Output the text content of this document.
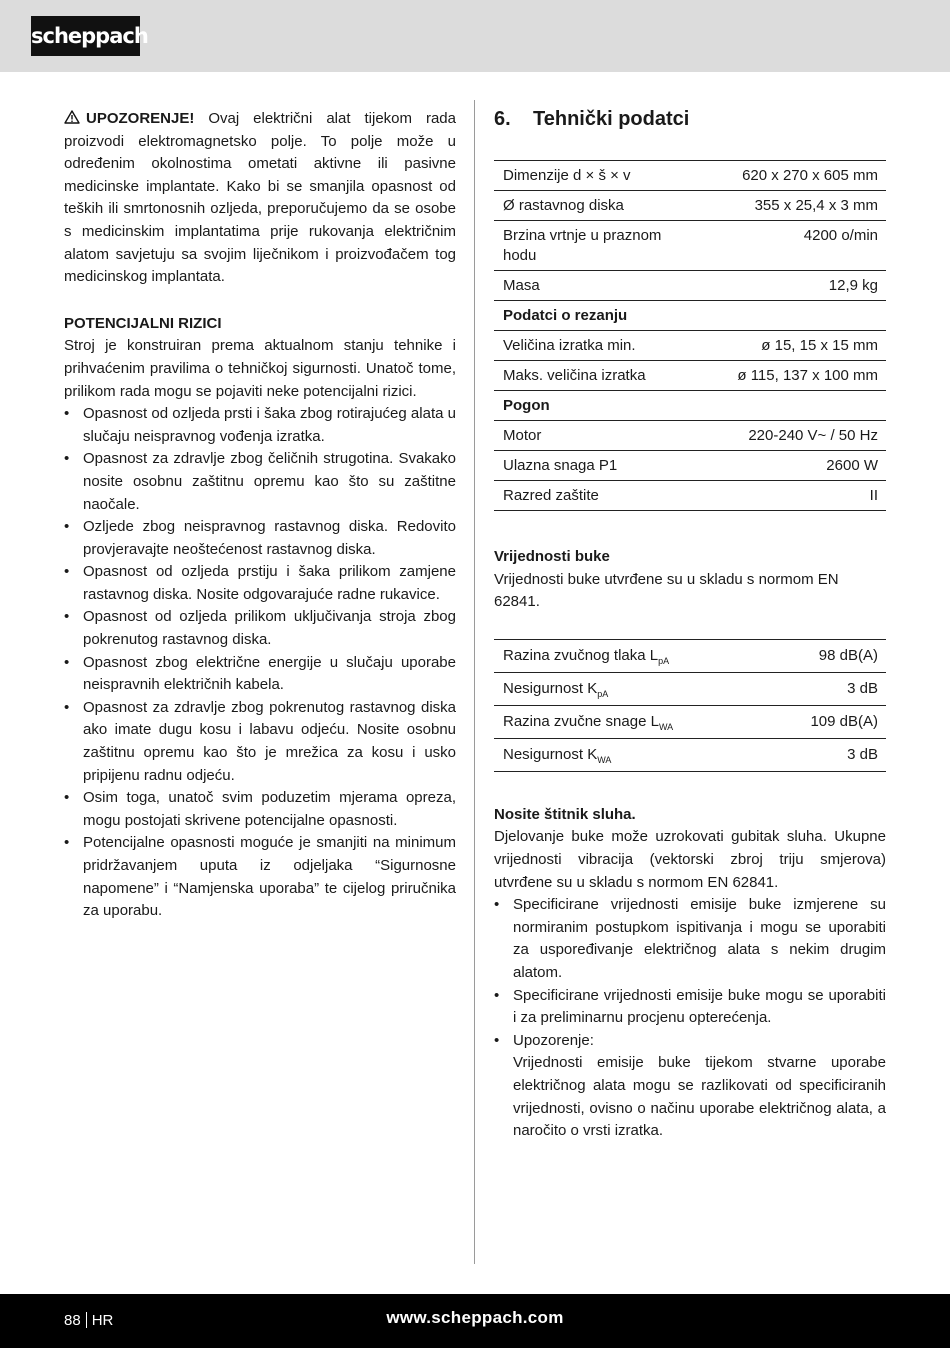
scheppach

UPOZORENJE! Ovaj električni alat tijekom rada proizvodi elektromagnetsko polje. To polje može u određenim okolnostima ometati aktivne ili pasivne medicinske implantate. Kako bi se smanjila opasnost od teških ili smrtonosnih ozljeda, preporučujemo da se osobe s medicinskim implantatima prije rukovanja električnim alatom savjetuju sa svojim liječnikom i proizvođačem tog medicinskog implantata.

POTENCIJALNI RIZICI

Stroj je konstruiran prema aktualnom stanju tehnike i prihvaćenim pravilima o tehničkoj sigurnosti. Unatoč tome, prilikom rada mogu se pojaviti neke potencijalni rizici.

• Opasnost od ozljeda prsti i šaka zbog rotirajućeg alata u slučaju neispravnog vođenja izratka.
• Opasnost za zdravlje zbog čeličnih strugotina. Svakako nosite osobnu zaštitnu opremu kao što su zaštitne naočale.
• Ozljede zbog neispravnog rastavnog diska. Redovito provjeravajte neoštećenost rastavnog diska.
• Opasnost od ozljeda prstiju i šaka prilikom zamjene rastavnog diska. Nosite odgovarajuće radne rukavice.
• Opasnost od ozljeda prilikom uključivanja stroja zbog pokrenutog rastavnog diska.
• Opasnost zbog električne energije u slučaju uporabe neispravnih električnih kabela.
• Opasnost za zdravlje zbog pokrenutog rastavnog diska ako imate dugu kosu i labavu odjeću. Nosite osobnu zaštitnu opremu kao što je mrežica za kosu i usko pripijenu radnu odjeću.
• Osim toga, unatoč svim poduzetim mjerama opreza, mogu postojati skrivene potencijalne opasnosti.
• Potencijalne opasnosti moguće je smanjiti na minimum pridržavanjem uputa iz odjeljaka “Sigurnosne napomene” i “Namjenska uporaba” te cijelog priručnika za uporabu.
6. Tehnički podatci
Dimenzije d × š × v	620 x 270 x 605 mm
Ø rastavnog diska	355 x 25,4 x 3 mm
Brzina vrtnje u praznom hodu	4200 o/min
Masa	12,9 kg
Podatci o rezanju	
Veličina izratka min.	ø 15, 15 x 15 mm
Maks. veličina izratka	ø 115, 137 x 100 mm
Pogon	
Motor	220-240 V~ / 50 Hz
Ulazna snaga P1	2600 W
Razred zaštite	II

Vrijednosti buke

Vrijednosti buke utvrđene su u skladu s normom EN 62841.

Razina zvučnog tlaka $L_{pA}$	98 dB(A)
Nesigurnost $K_{pA}$	3 dB
Razina zvučne snage $L_{WA}$	109 dB(A)
Nesigurnost $K_{WA}$	3 dB

Nosite štitnik sluha.

Djelovanje buke može uzrokovati gubitak sluha. Ukupne vrijednosti vibracija (vektorski zbroj triju smjerova) utvrđene su u skladu s normom EN 62841.

• Specificirane vrijednosti emisije buke izmjerene su normiranim postupkom ispitivanja i mogu se uporabiti za uspoređivanje električnog alata s nekim drugim alatom.
• Specificirane vrijednosti emisije buke mogu se uporabiti i za preliminarnu procjenu opterećenja.
• Upozorenje:
Vrijednosti emisije buke tijekom stvarne uporabe električnog alata mogu se razlikovati od specificiranih vrijednosti, ovisno o načinu uporabe električnog alata, a naročito o vrsti izratka.
88 HR	www.scheppach.com
